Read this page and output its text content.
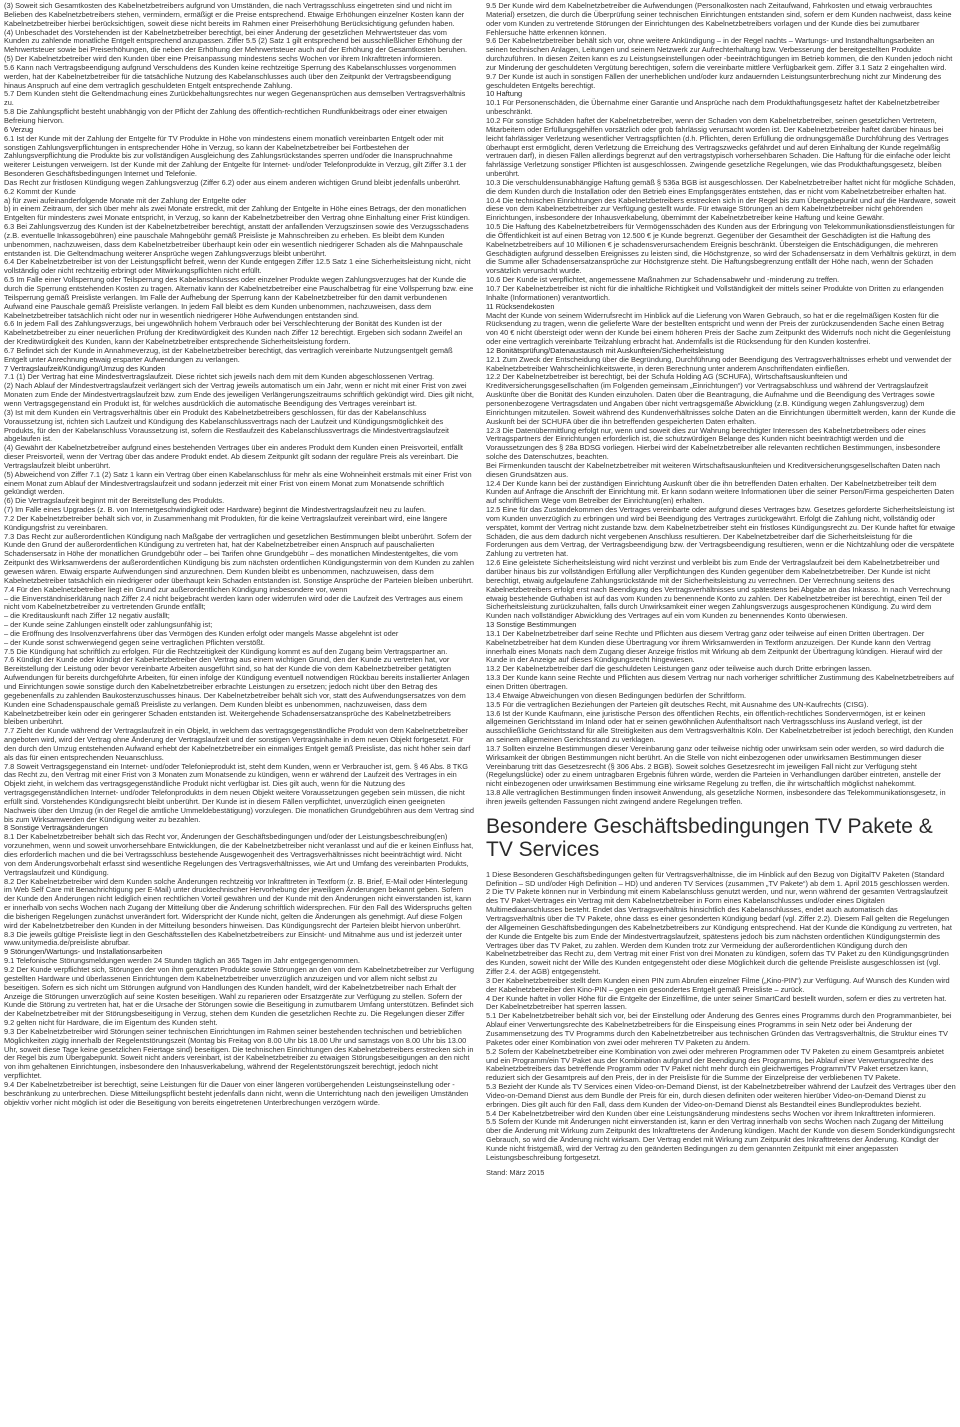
(3) Soweit sich Gesamtkosten des Kabelnetzbetreibers aufgrund von Umständen, die nach Vertragsschluss eingetreten sind und nicht im Belieben des Kabelnetzbetreibers stehen, vermindern, ermäßigt er die Preise entsprechend. Etwaige Erhöhungen einzelner Kosten kann der Kabelnetzbetreiber hierbei berücksichtigen, soweit diese nicht bereits im Rahmen einer Preiserhöhung Berücksichtigung gefunden haben.

(4) Unbeschadet des Vorstehenden ist der Kabelnetzbetreiber berechtigt, bei einer Änderung der gesetzlichen Mehrwertsteuer das vom Kunden zu zahlende monatliche Entgelt entsprechend anzupassen. Ziffer 5.5 (2) Satz 1 gilt entsprechend bei ausschließlicher Erhöhung der Mehrwertsteuer sowie bei Preiserhöhungen, die neben der Erhöhung der Mehrwertsteuer auch auf der Erhöhung der Gesamtkosten beruhen.

(5) Der Kabelnetzbetreiber wird den Kunden über eine Preisanpassung mindestens sechs Wochen vor ihrem Inkrafttreten informieren.

5.6 Kann nach Vertragsbeendigung aufgrund Verschuldens des Kunden keine rechtzeitige Sperrung des Kabelanschlusses vorgenommen werden, hat der Kabelnetzbetreiber für die tatsächliche Nutzung des Kabelanschlusses auch über den Zeitpunkt der Vertragsbeendigung hinaus Anspruch auf eine dem vertraglich geschuldeten Entgelt entsprechende Zahlung.

5.7 Dem Kunden steht die Geltendmachung eines Zurückbehaltungsrechtes nur wegen Gegenansprüchen aus demselben Vertragsverhältnis zu.

5.8 Die Zahlungspflicht besteht unabhängig von der Pflicht der Zahlung des öffentlich-rechtlichen Rundfunkbeitrags oder einer etwaigen Befreiung hiervon.

6 Verzug

6.1 Ist der Kunde mit der Zahlung der Entgelte für TV Produkte in Höhe von mindestens einem monatlich vereinbarten Entgelt oder mit sonstigen Zahlungsverpflichtungen in entsprechender Höhe in Verzug, so kann der Kabelnetzbetreiber bei Fortbestehen der Zahlungsverpflichtung die Produkte bis zur vollständigen Ausgleichung des Zahlungsrückstandes sperren und/oder die Inanspruchnahme weiterer Leistungen verweigern. Ist der Kunde mit der Zahlung der Entgelte für Internet- und/oder Telefonprodukte in Verzug, gilt Ziffer 3.1 der Besonderen Geschäftsbedingungen Internet und Telefonie.

Das Recht zur fristlosen Kündigung wegen Zahlungsverzug (Ziffer 6.2) oder aus einem anderen wichtigen Grund bleibt jedenfalls unberührt.

6.2 Kommt der Kunde

a) für zwei aufeinanderfolgende Monate mit der Zahlung der Entgelte oder

b) in einem Zeitraum, der sich über mehr als zwei Monate erstreckt, mit der Zahlung der Entgelte in Höhe eines Betrags, der den monatlichen Entgelten für mindestens zwei Monate entspricht, in Verzug, so kann der Kabelnetzbetreiber den Vertrag ohne Einhaltung einer Frist kündigen.

6.3 Bei Zahlungsverzug des Kunden ist der Kabelnetzbetreiber berechtigt, anstatt der anfallenden Verzugszinsen sowie des Verzugsschadens (z.B. eventuelle Inkassogebühren) eine pauschale Mahngebühr gemäß Preisliste je Mahnschreiben zu erheben. Es bleibt dem Kunden unbenommen, nachzuweisen, dass dem Kabelnetzbetreiber überhaupt kein oder ein wesentlich niedrigerer Schaden als die Mahnpauschale entstanden ist. Die Geltendmachung weiterer Ansprüche wegen Zahlungsverzugs bleibt unberührt.

6.4 Der Kabelnetzbetreiber ist von der Leistungspflicht befreit, wenn der Kunde entgegen Ziffer 12.5 Satz 1 eine Sicherheitsleistung nicht, nicht vollständig oder nicht rechtzeitig erbringt oder Mitwirkungspflichten nicht erfüllt.

6.5 Im Falle einer Vollsperrung oder Teilsperrung des Kabelanschlusses oder einzelner Produkte wegen Zahlungsverzuges hat der Kunde die durch die Sperrung entstehenden Kosten zu tragen. Alternativ kann der Kabelnetzbetreiber eine Pauschalbetrag für eine Vollsperrung bzw. eine Teilsperrung gemäß Preisliste verlangen. Im Falle der Aufhebung der Sperrung kann der Kabelnetzbetreiber für den damit verbundenen Aufwand eine Pauschale gemäß Preisliste verlangen. In jedem Fall bleibt es dem Kunden unbenommen, nachzuweisen, dass dem Kabelnetzbetreiber tatsächlich nicht oder nur in wesentlich niedrigerer Höhe Aufwendungen entstanden sind.

6.6 In jedem Fall des Zahlungsverzugs, bei ungewöhnlich hohem Verbrauch oder bei Verschlechterung der Bonität des Kunden ist der Kabelnetzbetreiber zu einer neuerlichen Prüfung der Kreditwürdigkeit des Kunden nach Ziffer 12 berechtigt. Ergeben sich sodann Zweifel an der Kreditwürdigkeit des Kunden, kann der Kabelnetzbetreiber entsprechende Sicherheitsleistung fordern.

6.7 Befindet sich der Kunde in Annahmeverzug, ist der Kabelnetzbetreiber berechtigt, das vertraglich vereinbarte Nutzungsentgelt gemäß Entgelt unter Anrechnung etwaig ersparter Aufwendungen zu verlangen.

7 Vertragslaufzeit/Kündigung/Umzug des Kunden

7.1 (1) Der Vertrag hat eine Mindestvertragslaufzeit. Diese richtet sich jeweils nach dem mit dem Kunden abgeschlossenen Vertrag.

(2) Nach Ablauf der Mindestvertragslaufzeit verlängert sich der Vertrag jeweils automatisch um ein Jahr, wenn er nicht mit einer Frist von zwei Monaten zum Ende der Mindestvertragslaufzeit bzw. zum Ende des jeweiligen Verlängerungszeitraums schriftlich gekündigt wird. Dies gilt nicht, wenn Vertragsgegenstand ein Produkt ist, für welches ausdrücklich die automatische Beendigung des Vertrages vereinbart ist.

(3) Ist mit dem Kunden ein Vertragsverhältnis über ein Produkt des Kabelnetzbetreibers geschlossen, für das der Kabelanschluss Voraussetzung ist, richten sich Laufzeit und Kündigung des Kabelanschlussvertrags nach der Laufzeit und Kündigungsmöglichkeit des Produkts, für den der Kabelanschluss Voraussetzung ist, sofern die Restlaufzeit des Kabelanschlussvertrags die Mindestvertragslaufzeit abgelaufen ist.

(4) Gewährt der Kabelnetzbetreiber aufgrund eines bestehenden Vertrages über ein anderes Produkt dem Kunden einen Preisvorteil, entfällt dieser Preisvorteil, wenn der Vertrag über das andere Produkt endet. Ab diesem Zeitpunkt gilt sodann der reguläre Preis als vereinbart. Die Vertragslaufzeit bleibt unberührt.

(5) Abweichend von Ziffer 7.1 (2) Satz 1 kann ein Vertrag über einen Kabelanschluss für mehr als eine Wohneinheit erstmals mit einer Frist von einem Monat zum Ablauf der Mindestvertragslaufzeit und sodann jederzeit mit einer Frist von einem Monat zum Monatsende schriftlich gekündigt werden.

(6) Die Vertragslaufzeit beginnt mit der Bereitstellung des Produkts.

(7) Im Falle eines Upgrades (z. B. von Internetgeschwindigkeit oder Hardware) beginnt die Mindestvertragslaufzeit neu zu laufen.

7.2 Der Kabelnetzbetreiber behält sich vor, in Zusammenhang mit Produkten, für die keine Vertragslaufzeit vereinbart wird, eine längere Kündigungsfrist zu vereinbaren.

7.3 Das Recht zur außerordentlichen Kündigung nach Maßgabe der vertraglichen und gesetzlichen Bestimmungen bleibt unberührt. Sofern der Kunde den Grund der außerordentlichen Kündigung zu vertreten hat, hat der Kabelnetzbetreiber einen Anspruch auf pauschalierten Schadensersatz in Höhe der monatlichen Grundgebühr oder – bei Tarifen ohne Grundgebühr – des monatlichen Mindestentgeltes, die vom Zeitpunkt des Wirksamwerdens der außerordentlichen Kündigung bis zum nächsten ordentlichen Kündigungstermin von dem Kunden zu zahlen gewesen wären. Etwaig ersparte Aufwendungen sind anzurechnen. Dem Kunden bleibt es unbenommen, nachzuweisen, dass dem Kabelnetzbetreiber tatsächlich ein niedrigerer oder überhaupt kein Schaden entstanden ist. Sonstige Ansprüche der Parteien bleiben unberührt.

7.4 Für den Kabelnetzbetreiber liegt ein Grund zur außerordentlichen Kündigung insbesondere vor, wenn

– die Einverständniserklärung nach Ziffer 2.4 nicht beigebracht werden kann oder widerrufen wird oder die Laufzeit des Vertrages aus einem nicht vom Kabelnetzbetreiber zu vertretenden Grunde entfällt;

– die Kreditauskunft nach Ziffer 12 negativ ausfällt;

– der Kunde seine Zahlungen einstellt oder zahlungsunfähig ist;

– die Eröffnung des Insolvenzverfahrens über das Vermögen des Kunden erfolgt oder mangels Masse abgelehnt ist oder

– der Kunde sonst schwerwiegend gegen seine vertraglichen Pflichten verstößt.

7.5 Die Kündigung hat schriftlich zu erfolgen. Für die Rechtzeitigkeit der Kündigung kommt es auf den Zugang beim Vertragspartner an.

7.6 Kündigt der Kunde oder kündigt der Kabelnetzbetreiber den Vertrag aus einem wichtigen Grund, den der Kunde zu vertreten hat, vor Bereitstellung der Leistung oder bevor vereinbarte Arbeiten ausgeführt sind, so hat der Kunde die von dem Kabelnetzbetreiber getätigten Aufwendungen für bereits durchgeführte Arbeiten, für einen infolge der Kündigung eventuell notwendigen Rückbau bereits installierter Anlagen und Einrichtungen sowie sonstige durch den Kabelnetzbetreiber erbrachte Leistungen zu ersetzen; jedoch nicht über den Betrag des gegebenenfalls zu zahlenden Baukostenzuschusses hinaus. Der Kabelnetzbetreiber behält sich vor, statt des Aufwendungsersatzes von dem Kunden eine Schadenspauschale gemäß Preisliste zu verlangen. Dem Kunden bleibt es unbenommen, nachzuweisen, dass dem Kabelnetzbetreiber kein oder ein geringerer Schaden entstanden ist. Weitergehende Schadensersatzansprüche des Kabelnetzbetreibers bleiben unberührt.

7.7 Zieht der Kunde während der Vertragslaufzeit in ein Objekt, in welchem das vertragsgegenständliche Produkt von dem Kabelnetzbetreiber angeboten wird, wird der Vertrag ohne Änderung der Vertragslaufzeit und der sonstigen Vertragsinhalte in dem neuen Objekt fortgesetzt. Für den durch den Umzug entstehenden Aufwand erhebt der Kabelnetzbetreiber ein einmaliges Entgelt gemäß Preisliste, das nicht höher sein darf als das für einen entsprechenden Neuanschluss.

7.8 Soweit Vertragsgegenstand ein Internet- und/oder Telefonieprodukt ist, steht dem Kunden, wenn er Verbraucher ist, gem. § 46 Abs. 8 TKG das Recht zu, den Vertrag mit einer Frist von 3 Monaten zum Monatsende zu kündigen, wenn er während der Laufzeit des Vertrages in ein Objekt zieht, in welchem das vertragsgegenständliche Produkt nicht verfügbar ist. Dies gilt auch, wenn für die Nutzung des vertragsgegenständlichen Internet- und/oder Telefonprodukts in dem neuen Objekt weitere Voraussetzungen gegeben sein müssen, die nicht erfüllt sind. Vorstehendes Kündigungsrecht bleibt unberührt. Der Kunde ist in diesem Fällen verpflichtet, unverzüglich einen geeigneten Nachweis über den Umzug (in der Regel die amtliche Ummeldebestätigung) vorzulegen. Die monatlichen Grundgebühren aus dem Vertrag sind bis zum Wirksamwerden der Kündigung weiter zu bezahlen.

8 Sonstige Vertragsänderungen

8.1 Der Kabelnetzbetreiber behält sich das Recht vor, Änderungen der Geschäftsbedingungen und/oder der Leistungsbeschreibung(en) vorzunehmen, wenn und soweit unvorhersehbare Entwicklungen, die der Kabelnetzbetreiber nicht veranlasst und auf die er keinen Einfluss hat, dies erforderlich machen und die bei Vertragsschluss bestehende Ausgewogenheit des Vertragsverhältnisses nicht beeinträchtigt wird. Nicht von dem Änderungsvorbehalt erfasst sind wesentliche Regelungen des Vertragsverhältnisses, wie Art und Umfang des vereinbarten Produkts, Vertragslaufzeit und Kündigung.

8.2 Der Kabelnetzbetreiber wird dem Kunden solche Änderungen rechtzeitig vor Inkrafttreten in Textform (z. B. Brief, E-Mail oder Hinterlegung im Web Self Care mit Benachrichtigung per E-Mail) unter drucktechnischer Hervorhebung der jeweiligen Änderungen bekannt geben. Sofern der Kunde den Änderungen nicht lediglich einen rechtlichen Vorteil gewähren und der Kunde mit den Änderungen nicht einverstanden ist, kann er innerhalb von sechs Wochen nach Zugang der Mitteilung über die Änderung schriftlich widersprechen. Für den Fall des Widerspruchs gelten die bisherigen Regelungen zunächst unverändert fort. Widerspricht der Kunde nicht, gelten die Änderungen als genehmigt. Auf diese Folgen wird der Kabelnetzbetreiber den Kunden in der Mitteilung besonders hinweisen. Das Kündigungsrecht der Parteien bleibt hiervon unberührt.

8.3 Die jeweils gültige Preisliste liegt in den Geschäftsstellen des Kabelnetzbetreibers zur Einsicht- und Mitnahme aus und ist jederzeit unter www.unitymedia.de/preisliste abrufbar.

9 Störungen/Wartungs- und Installationsarbeiten

9.1 Telefonische Störungsmeldungen werden 24 Stunden täglich an 365 Tagen im Jahr entgegengenommen.

9.2 Der Kunde verpflichtet sich, Störungen der von ihm genutzten Produkte sowie Störungen an den von dem Kabelnetzbetreiber zur Verfügung gestellten Hardware und überlassenen Einrichtungen dem Kabelnetzbetreiber unverzüglich anzuzeigen und vor allem nicht selbst zu beseitigen. Sofern es sich nicht um Störungen aufgrund von Handlungen des Kunden handelt, wird der Kabelnetzbetreiber nach Erhalt der Anzeige die Störungen unverzüglich auf seine Kosten beseitigen. Wahl zu reparieren oder Ersatzgeräte zur Verfügung zu stellen. Sofern der Kunde die Störung zu vertreten hat, hat er die Ursache der Störungen sowie die Beseitigung in zumutbarem Umfang unterstützen. Befindet sich der Kabelnetzbetreiber mit der Störungsbeseitigung in Verzug, stehen dem Kunden die gesetzlichen Rechte zu. Die Regelungen dieser Ziffer 9.2 gelten nicht für Hardware, die im Eigentum des Kunden steht.

9.3 Der Kabelnetzbetreiber wird Störungen seiner technischen Einrichtungen im Rahmen seiner bestehenden technischen und betrieblichen Möglichkeiten zügig innerhalb der Regelentstörungszeit (Montag bis Freitag von 8.00 Uhr bis 18.00 Uhr und samstags von 8.00 Uhr bis 13.00 Uhr, soweit diese Tage keine gesetzlichen Feiertage sind) beseitigen. Die technischen Einrichtungen des Kabelnetzbetreibers erstrecken sich in der Regel bis zum Übergabepunkt. Soweit nicht anders vereinbart, ist der Kabelnetzbetreiber zu etwaigen Störungsbeseitigungen an den nicht von ihm gehaltenen Einrichtungen, insbesondere den Inhausverkabelung, während der Regelentstörungszeit berechtigt, jedoch nicht verpflichtet.

9.4 Der Kabelnetzbetreiber ist berechtigt, seine Leistungen für die Dauer von einer längeren vorübergehenden Leistungseinstellung oder -beschränkung zu unterbrechen. Diese Mitteilungspflicht besteht jedenfalls dann nicht, wenn die Unterrichtung nach den jeweiligen Umständen objektiv vorher nicht möglich ist oder die Beseitigung von bereits eingetretenen Unterbrechungen verzögern würde.

9.5 Der Kunde wird dem Kabelnetzbetreiber die Aufwendungen (Personalkosten nach Zeitaufwand, Fahrkosten und etwaig verbrauchtes Material) ersetzen, die durch die Überprüfung seiner technischen Einrichtungen entstanden sind, sofern er dem Kunden nachweist, dass keine oder vom Kunden zu vertretende Störungen der Einrichtungen des Kabelnetzbetreibers vorlagen und der Kunde dies bei zumutbarer Fehlersuche hätte erkennen können.

9.6 Der Kabelnetzbetreiber behält sich vor, ohne weitere Ankündigung – in der Regel nachts – Wartungs- und Instandhaltungsarbeiten an seinen technischen Anlagen, Leitungen und seinem Netzwerk zur Aufrechterhaltung bzw. Verbesserung der bereitgestellten Produkte durchzuführen. In diesen Zeiten kann es zu Leistungseinstellungen oder -beeinträchtigungen im Betrieb kommen, die den Kunden jedoch nicht zur Minderung der geschuldeten Vergütung berechtigen, sofern die vereinbarte mittlere Verfügbarkeit gem. Ziffer 3.1 Satz 2 eingehalten wird.

9.7 Der Kunde ist auch in sonstigen Fällen der unerheblichen und/oder kurz andauernden Leistungsunterbrechung nicht zur Minderung des geschuldeten Entgelts berechtigt.

10 Haftung

10.1 Für Personenschäden, die Übernahme einer Garantie und Ansprüche nach dem Produkthaftungsgesetz haftet der Kabelnetzbetreiber unbeschränkt.

10.2 Für sonstige Schäden haftet der Kabelnetzbetreiber, wenn der Schaden von dem Kabelnetzbetreiber, seinen gesetzlichen Vertretern, Mitarbeitern oder Erfüllungsgehilfen vorsätzlich oder grob fahrlässig verursacht worden ist. Der Kabelnetzbetreiber haftet darüber hinaus bei leicht fahrlässiger Verletzung wesentlicher Vertragspflichten (d.h. Pflichten, deren Erfüllung die ordnungsgemäße Durchführung des Vertrages überhaupt erst ermöglicht, deren Verletzung die Erreichung des Vertragszwecks gefährdet und auf deren Einhaltung der Kunde regelmäßig vertrauen darf), in diesen Fällen allerdings begrenzt auf den vertragstypisch vorhersehbaren Schaden. Die Haftung für die einfache oder leicht fahrlässige Verletzung sonstiger Pflichten ist ausgeschlossen. Zwingende gesetzliche Regelungen, wie das Produkthaftungsgesetz, bleiben unberührt.

10.3 Die verschuldensunabhängige Haftung gemäß § 536a BGB ist ausgeschlossen. Der Kabelnetzbetreiber haftet nicht für mögliche Schäden, die dem Kunden durch die Installation oder den Betrieb eines Empfangsgerätes entstehen, das er nicht vom Kabelnetzbetreiber erhalten hat.

10.4 Die technischen Einrichtungen des Kabelnetzbetreibers erstrecken sich in der Regel bis zum Übergabepunkt und auf die Hardware, soweit diese von dem Kabelnetzbetreiber zur Verfügung gestellt wurde. Für etwaige Störungen an dem Kabelnetzbetreiber nicht gehörenden Einrichtungen, insbesondere der Inhausverkabelung, übernimmt der Kabelnetzbetreiber keine Haftung und keine Gewähr.

10.5 Die Haftung des Kabelnetzbetreibers für Vermögensschäden des Kunden aus der Erbringung von Telekommunikationsdienstleistungen für die Öffentlichkeit ist auf einen Betrag von 12.500 € je Kunde begrenzt. Gegenüber der Gesamtheit der Geschädigten ist die Haftung des Kabelnetzbetreibers auf 10 Millionen € je schadensverursachendem Ereignis beschränkt. Übersteigen die Entschädigungen, die mehreren Geschädigten aufgrund desselben Ereignisses zu leisten sind, die Höchstgrenze, so wird der Schadensersatz in dem Verhältnis gekürzt, in dem die Summe aller Schadensersatzansprüche zur Höchstgrenze steht. Die Haftungsbegrenzung entfällt der Höhe nach, wenn der Schaden vorsätzlich verursacht wurde.

10.6 Der Kunde ist verpflichtet, angemessene Maßnahmen zur Schadensabwehr und -minderung zu treffen.

10.7 Der Kabelnetzbetreiber ist nicht für die inhaltliche Richtigkeit und Vollständigkeit der mittels seiner Produkte von Dritten zu erlangenden Inhalte (Informationen) verantwortlich.

11 Rücksendekosten

Macht der Kunde von seinem Widerrufsrecht im Hinblick auf die Lieferung von Waren Gebrauch, so hat er die regelmäßigen Kosten für die Rücksendung zu tragen, wenn die gelieferte Ware der bestellten entspricht und wenn der Preis der zurückzusendenden Sache einen Betrag von 40 € nicht übersteigt oder wenn der Kunde bei einem höheren Preis der Sache zum Zeitpunkt des Widerrufs noch nicht die Gegenleistung oder eine vertraglich vereinbarte Teilzahlung erbracht hat. Andernfalls ist die Rücksendung für den Kunden kostenfrei.

12 Bonitätsprüfung/Datenaustausch mit Auskunfteien/Sicherheitsleistung

12.1 Zum Zweck der Entscheidung über die Begründung, Durchführung oder Beendigung des Vertragsverhältnisses erhebt und verwendet der Kabelnetzbetreiber Wahrscheinlichkeitswerte, in deren Berechnung unter anderem Anschriftendaten einfließen.

12.2 Der Kabelnetzbetreiber ist berechtigt, bei der Schufa Holding AG (SCHUFA), Wirtschaftsauskunfteien und Kreditversicherungsgesellschaften (im Folgenden gemeinsam „Einrichtungen“) vor Vertragsabschluss und während der Vertragslaufzeit Auskünfte über die Bonität des Kunden einzuholen. Daten über die Beantragung, die Aufnahme und die Beendigung des Vertrages sowie personenbezogene Vertragsdaten und Angaben über nicht vertragsgemäße Abwicklung (z.B. Kündigung wegen Zahlungsverzug) dem Einrichtungen mitzuteilen. Soweit während des Kundenverhältnisses solche Daten an die Einrichtungen übermittelt werden, kann der Kunde die Auskunft bei der SCHUFA über die ihn betreffenden gespeicherten Daten erhalten.

12.3 Die Datenübermittlung erfolgt nur, wenn und soweit dies zur Wahrung berechtigter Interessen des Kabelnetzbetreibers oder eines Vertragspartners der Einrichtungen erforderlich ist, die schutzwürdigen Belange des Kunden nicht beeinträchtigt werden und die Voraussetzungen des § 28a BDSG vorliegen. Hierbei wird der Kabelnetzbetreiber alle relevanten rechtlichen Bestimmungen, insbesondere solche des Datenschutzes, beachten.

Bei Firmenkunden tauscht der Kabelnetzbetreiber mit weiteren Wirtschaftsauskunfteien und Kreditversicherungsgesellschaften Daten nach diesen Grundsätzen aus.

12.4 Der Kunde kann bei der zuständigen Einrichtung Auskunft über die ihn betreffenden Daten erhalten. Der Kabelnetzbetreiber teilt dem Kunden auf Anfrage die Anschrift der Einrichtung mit. Er kann sodann weitere Informationen über die seiner Person/Firma gespeicherten Daten auf schriftlichem Wege vom Betreiber der Einrichtung(en) erhalten.

12.5 Eine für das Zustandekommen des Vertrages vereinbarte oder aufgrund dieses Vertrages bzw. Gesetzes geforderte Sicherheitsleistung ist vom Kunden unverzüglich zu erbringen und wird bei Beendigung des Vertrages zurückgewährt. Erfolgt die Zahlung nicht, vollständig oder verspätet, kommt der Vertrag nicht zustande bzw. dem Kabelnetzbetreiber steht ein fristloses Kündigungsrecht zu. Der Kunde haftet für etwaige Schäden, die aus dem dadurch nicht vergebenen Anschluss resultieren. Der Kabelnetzbetreiber darf die Sicherheitsleistung für die Forderungen aus dem Vertrag, der Vertragsbeendigung bzw. der Vertragsbeendigung resultieren, wenn er die Nichtzahlung oder die verspätete Zahlung zu vertreten hat.

12.6 Eine geleistete Sicherheitsleistung wird nicht verzinst und verbleibt bis zum Ende der Vertragslaufzeit bei dem Kabelnetzbetreiber und darüber hinaus bis zur vollständigen Erfüllung aller Verpflichtungen des Kunden gegenüber dem Kabelnetzbetreiber. Der Kunde ist nicht berechtigt, etwaig aufgelaufene Zahlungsrückstände mit der Sicherheitsleistung zu verrechnen. Der Verrechnung seitens des Kabelnetzbetreibers erfolgt erst nach Beendigung des Vertragsverhältnisses und spätestens bei Abgabe an das Inkasso. In nach Verrechnung etwaig bestehende Guthaben ist auf das vom Kunden zu benennende Konto zu zahlen. Der Kabelnetzbetreiber ist berechtigt, einen Teil der Sicherheitsleistung zurückzuhalten, falls durch Unwirksamkeit einer wegen Zahlungsverzugs ausgesprochenen Kündigung. Zu wird dem Kunden nach vollständiger Abwicklung des Vertrages auf ein vom Kunden zu benennendes Konto überwiesen.

13 Sonstige Bestimmungen

13.1 Der Kabelnetzbetreiber darf seine Rechte und Pflichten aus diesem Vertrag ganz oder teilweise auf einen Dritten übertragen. Der Kabelnetzbetreiber hat dem Kunden diese Übertragung vor ihrem Wirksamwerden in Textform anzuzeigen. Der Kunde kann den Vertrag innerhalb eines Monats nach dem Zugang dieser Anzeige fristlos mit Wirkung ab dem Zeitpunkt der Übertragung kündigen. Hierauf wird der Kunde in der Anzeige auf dieses Kündigungsrecht hingewiesen.

13.2 Der Kabelnetzbetreiber darf die geschuldeten Leistungen ganz oder teilweise auch durch Dritte erbringen lassen.

13.3 Der Kunde kann seine Rechte und Pflichten aus diesem Vertrag nur nach vorheriger schriftlicher Zustimmung des Kabelnetzbetreibers auf einen Dritten übertragen.

13.4 Etwaige Abweichungen von diesen Bedingungen bedürfen der Schriftform.

13.5 Für die vertraglichen Beziehungen der Parteien gilt deutsches Recht, mit Ausnahme des UN-Kaufrechts (CISG).

13.6 Ist der Kunde Kaufmann, eine juristische Person des öffentlichen Rechts, ein öffentlich-rechtliches Sondervermögen, ist er keinen allgemeinen Gerichtsstand im Inland oder hat er seinen gewöhnlichen Aufenthaltsort nach Vertragsschluss ins Ausland verlegt, ist der ausschließliche Gerichtsstand für alle Streitigkeiten aus dem Vertragsverhältnis Köln. Der Kabelnetzbetreiber ist jedoch berechtigt, den Kunden an seinem allgemeinen Gerichtsstand zu verklagen.

13.7 Sollten einzelne Bestimmungen dieser Vereinbarung ganz oder teilweise nichtig oder unwirksam sein oder werden, so wird dadurch die Wirksamkeit der übrigen Bestimmungen nicht berührt. An die Stelle von nicht einbezogenen oder unwirksamen Bestimmungen dieser Vereinbarung tritt das Gesetzesrecht (§ 306 Abs. 2 BGB). Soweit solches Gesetzesrecht im jeweiligen Fall nicht zur Verfügung steht (Regelungslücke) oder zu einem untragbaren Ergebnis führen würde, werden die Parteien in Verhandlungen darüber eintreten, anstelle der nicht einbezogenen oder unwirksamen Bestimmung eine wirksame Regelung zu treffen, die ihr wirtschaftlich möglichst nahekommt.

13.8 Alle vertraglichen Bestimmungen finden insoweit Anwendung, als gesetzliche Normen, insbesondere das Telekommunikationsgesetz, in ihren jeweils geltenden Fassungen nicht zwingend andere Regelungen treffen.

Besondere Geschäftsbedingungen TV Pakete & TV Services

1 Diese Besonderen Geschäftsbedingungen gelten für Vertragsverhältnisse, die im Hinblick auf den Bezug von DigitalTV Paketen (Standard Definition – SD und/oder High Definition – HD) und anderen TV Services (zusammen „TV Pakete“) ab dem 1. April 2015 geschlossen werden.

2 Die TV Pakete können nur in Verbindung mit einem Kabelanschluss genutzt werden, und nur, wenn während der gesamten Vertragslaufzeit des TV Paket-Vertrages ein Vertrag mit dem Kabelnetzbetreiber in Form eines Kabelanschlusses und/oder eines Digitalen Multimediaanschlusses besteht. Endet das Vertragsverhältnis hinsichtlich des Kabelanschlusses, endet auch automatisch das Vertragsverhältnis über die TV Pakete, ohne dass es einer gesonderten Kündigung bedarf (vgl. Ziffer 2.2). Diesem Fall gelten die Regelungen der Allgemeinen Geschäftsbedingungen des Kabelnetzbetreibers zur Kündigung entsprechend. Hat der Kunde die Kündigung zu vertreten, hat der Kunde die Entgelte bis zum Ende der Mindestvertragslaufzeit, spätestens jedoch bis zum nächsten ordentlichen Kündigungstermin des Vertrages über das TV Paket, zu zahlen. Werden dem Kunden trotz zur Vermeidung der außerordentlichen Kündigung durch den Kabelnetzbetreiber das Recht zu, dem Vertrag mit einer Frist von drei Monaten zu kündigen, sofern das TV Paket zu den Kündigungsgründen des Kunden, soweit nicht der Wille des Kunden entgegensteht oder diese Möglichkeit durch die geltende Preisliste ausgeschlossen ist (vgl. Ziffer 2.4. der AGB) entgegensteht.

3 Der Kabelnetzbetreiber stellt dem Kunden einen PIN zum Abrufen einzelner Filme („Kino-PIN“) zur Verfügung. Auf Wunsch des Kunden wird der Kabelnetzbetreiber den Kino-PIN – gegen ein gesondertes Entgelt gemäß Preisliste – zurück.

4 Der Kunde haftet in voller Höhe für die Entgelte der Einzelfilme, die unter seiner SmartCard bestellt wurden, sofern er dies zu vertreten hat. Der Kabelnetzbetreiber hat sperren lassen.

5.1 Der Kabelnetzbetreiber behält sich vor, bei der Einstellung oder Änderung des Genres eines Programms durch den Programmanbieter, bei Ablauf einer Verwertungsrechte des Kabelnetzbetreibers für die Einspeisung eines Programms in sein Netz oder bei Änderung der Zusammensetzung des TV Programms durch den Kabelnetzbetreiber aus technischen Gründen das Vertragsverhältnis, die Struktur eines TV Paketes oder einer Kombination von zwei oder mehreren TV Paketen zu ändern.

5.2 Sofern der Kabelnetzbetreiber eine Kombination von zwei oder mehreren Programmen oder TV Paketen zu einem Gesamtpreis anbietet und ein Programm/ein TV Paket aus der Kombination aufgrund der Beendigung des Programms, bei Ablauf einer Verwertungsrechte des Kabelnetzbetreibers das betreffende Programm oder TV Paket nicht mehr durch ein gleichwertiges Programm/TV Paket ersetzen kann, reduziert sich der Gesamtpreis auf den Preis, der in der Preisliste für die Summe der Einzelpreise der verbliebenen TV Pakete.

5.3 Bezieht der Kunde als TV Services einen Video-on-Demand Dienst, ist der Kabelnetzbetreiber während der Laufzeit des Vertrages über den Video-on-Demand Dienst aus dem Bundle der Preis für ein, durch diesen definiten oder weiteren hierüber Video-on-Demand Dienst zu erbringen. Dies gilt auch für den Fall, dass dem Kunden der Video-on-Demand Dienst als Bestandteil eines Bundleproduktes bezieht.

5.4 Der Kabelnetzbetreiber wird den Kunden über eine Leistungsänderung mindestens sechs Wochen vor ihrem Inkrafttreten informieren.

5.5 Sofern der Kunde mit Änderungen nicht einverstanden ist, kann er den Vertrag innerhalb von sechs Wochen nach Zugang der Mitteilung über die Änderung mit Wirkung zum Zeitpunkt des Inkrafttretens der Änderung kündigen. Macht der Kunde von diesem Sonderkündigungsrecht Gebrauch, so wird die Änderung nicht wirksam. Der Vertrag endet mit Wirkung zum Zeitpunkt des Inkrafttretens der Änderung. Kündigt der Kunde nicht fristgemäß, wird der Vertrag zu den geänderten Bedingungen zu dem genannten Zeitpunkt mit einer angepassten Leistungsbeschreibung fortgesetzt.

Stand: März 2015
